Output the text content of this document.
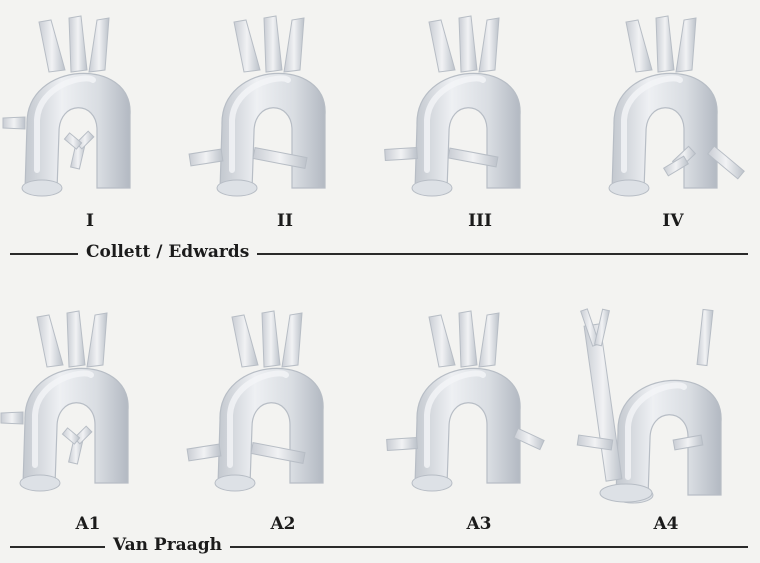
I	II	III	IV
Collett / Edwards
A1	A2	A3	A4
Van Praagh
